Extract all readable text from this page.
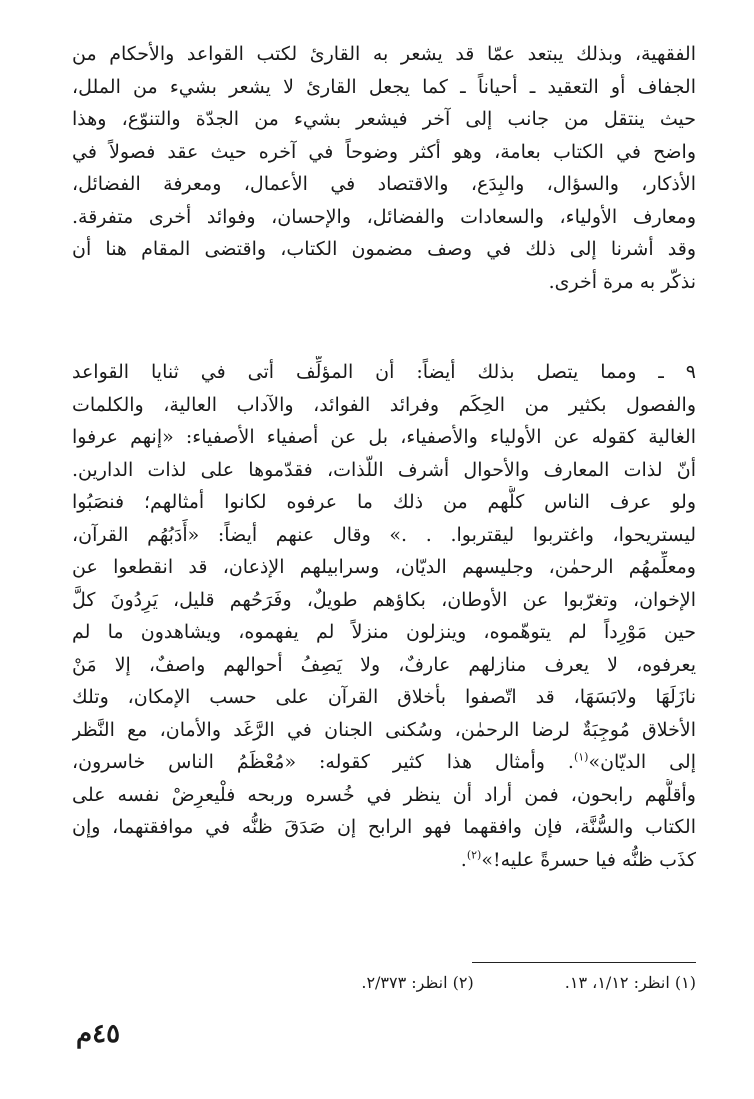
الفقهية، وبذلك يبتعد عمّا قد يشعر به القارئ لكتب القواعد والأحكام من
الجفاف أو التعقيد ـ أحياناً ـ كما يجعل القارئ لا يشعر بشيء من الملل،
حيث ينتقل من جانب إلى آخر فيشعر بشيء من الجدّة والتنوّع، وهذا
واضح في الكتاب بعامة، وهو أكثر وضوحاً في آخره حيث عقد فصولاً في
الأذكار، والسؤال، والبِدَع، والاقتصاد في الأعمال، ومعرفة الفضائل،
ومعارف الأولياء، والسعادات والفضائل، والإحسان، وفوائد أخرى متفرقة.
وقد أشرنا إلى ذلك في وصف مضمون الكتاب، واقتضى المقام هنا أن
نذكّر به مرة أخرى.
٩ ـ ومما يتصل بذلك أيضاً: أن المؤلِّف أتى في ثنايا القواعد
والفصول بكثير من الحِكَم وفرائد الفوائد، والآداب العالية، والكلمات
الغالية كقوله عن الأولياء والأصفياء، بل عن أصفياء الأصفياء: «إنهم عرفوا
أنّ لذات المعارف والأحوال أشرف اللّذات، فقدّموها على لذات الدارين.
ولو عرف الناس كلُّهم من ذلك ما عرفوه لكانوا أمثالهم؛ فنصَبُوا
ليستريحوا، واغتربوا ليقتربوا. . .» وقال عنهم أيضاً: «أَدَبُهُم القرآن،
ومعلِّمهُم الرحمٰن، وجليسهم الديّان، وسرابيلهم الإذعان، قد انقطعوا عن
الإخوان، وتغرّبوا عن الأوطان، بكاؤهم طويلٌ، وفَرَحُهم قليل، يَرِدُونَ كلَّ
حين مَوْرِداً لم يتوهّموه، وينزلون منزلاً لم يفهموه، ويشاهدون ما لم
يعرفوه، لا يعرف منازلهم عارفٌ، ولا يَصِفُ أحوالهم واصفٌ، إلا مَنْ
نازَلَهَا ولابَسَهَا، قد اتّصفوا بأخلاق القرآن على حسب الإمكان، وتلك
الأخلاق مُوجِبَةٌ لرضا الرحمٰن، وسُكنى الجنان في الرَّغَد والأمان، مع النَّظر
إلى الديّان»$^{(١)}$. وأمثال هذا كثير كقوله: «مُعْظَمُ الناس خاسرون،
وأقلُّهم رابحون، فمن أراد أن ينظر في خُسره وربحه فلْيعرِضْ نفسه على
الكتاب والسُّنَّة، فإن وافقهما فهو الرابح إن صَدَقَ ظنُّه في موافقتهما، وإن
كذَب ظنُّه فيا حسرةً عليه!»$^{(٢)}$.
(١) انظر: ١/١٢، ١٣. (٢) انظر: ٢/٣٧٣.
٤٥م
